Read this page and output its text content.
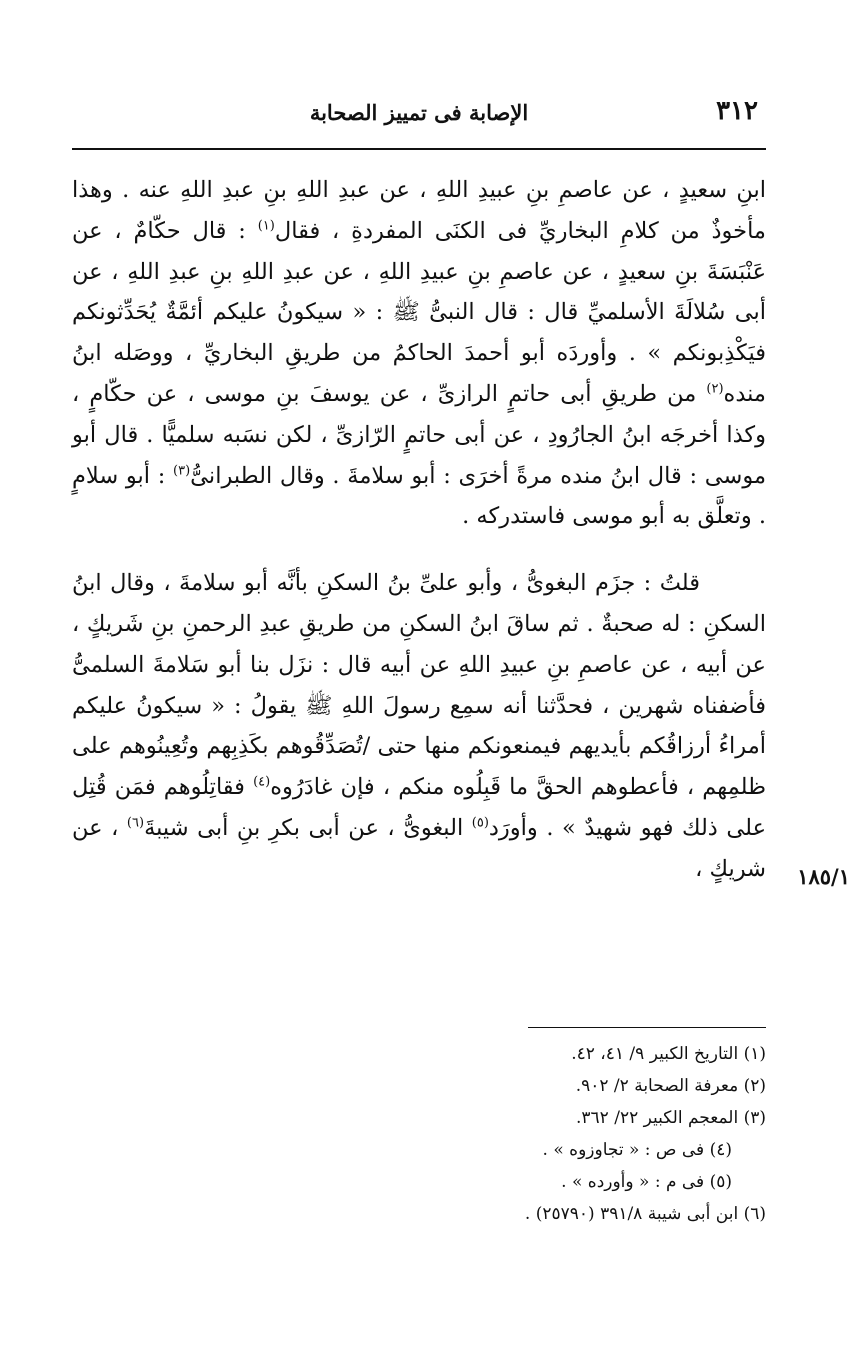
٣١٢
الإصابة فى تمييز الصحابة

ابنِ سعيدٍ ، عن عاصمِ بنِ عبيدِ اللهِ ، عن عبدِ اللهِ بنِ عبدِ اللهِ عنه . وهذا مأخوذٌ من كلامِ البخاريِّ فى الكنَى المفردةِ ، فقال$^{(١)}$ : قال حكّامٌ ، عن عَنْبَسَةَ بنِ سعيدٍ ، عن عاصمِ بنِ عبيدِ اللهِ ، عن عبدِ اللهِ بنِ عبدِ اللهِ ، عن أبى سُلالَةَ الأسلميِّ قال : قال النبىُّ ﷺ : « سيكونُ عليكم أئمَّةٌ يُحَدِّثونكم فيَكْذِبونكم » . وأوردَه أبو أحمدَ الحاكمُ من طريقِ البخاريِّ ، ووصَله ابنُ منده$^{(٢)}$ من طريقِ أبى حاتمٍ الرازىِّ ، عن يوسفَ بنِ موسى ، عن حكّامٍ ، وكذا أخرجَه ابنُ الجارُودِ ، عن أبى حاتمٍ الرّازىِّ ، لكن نسَبه سلميًّا . قال أبو موسى : قال ابنُ منده مرةً أخرَى : أبو سلامةَ . وقال الطبرانىُّ$^{(٣)}$ : أبو سلامٍ . وتعلَّق به أبو موسى فاستدركه .

قلتُ : جزَم البغوىُّ ، وأبو علىِّ بنُ السكنِ بأنَّه أبو سلامةَ ، وقال ابنُ السكنِ : له صحبةٌ . ثم ساقَ ابنُ السكنِ من طريقِ عبدِ الرحمنِ بنِ شَريكٍ ، عن أبيه ، عن عاصمِ بنِ عبيدِ اللهِ عن أبيه قال : نزَل بنا أبو سَلامةَ السلمىُّ فأضفناه شهرين ، فحدَّثنا أنه سمِع رسولَ اللهِ ﷺ يقولُ : « سيكونُ عليكم أمراءُ أرزاقُكم بأيديهم فيمنعونكم منها حتى /تُصَدِّقُوهم بكَذِبِهم وتُعِينُوهم على ظلمِهم ، فأعطوهم الحقَّ ما قَبِلُوه منكم ، فإن غادَرُوه$^{(٤)}$ فقاتِلُوهم فمَن قُتِل على ذلك فهو شهيدٌ » . وأورَد$^{(٥)}$ البغوىُّ ، عن أبى بكرِ بنِ أبى شيبةَ$^{(٦)}$ ، عن شريكٍ ، ١٨٥/١
(١) التاريخ الكبير ٩/ ٤١، ٤٢.
(٢) معرفة الصحابة ٢/ ٩٠٢.
(٣) المعجم الكبير ٢٢/ ٣٦٢.
(٤) فى ص : « تجاوزوه » .
(٥) فى م : « وأورده » .
(٦) ابن أبى شيبة ٣٩١/٨ (٢٥٧٩٠) .
